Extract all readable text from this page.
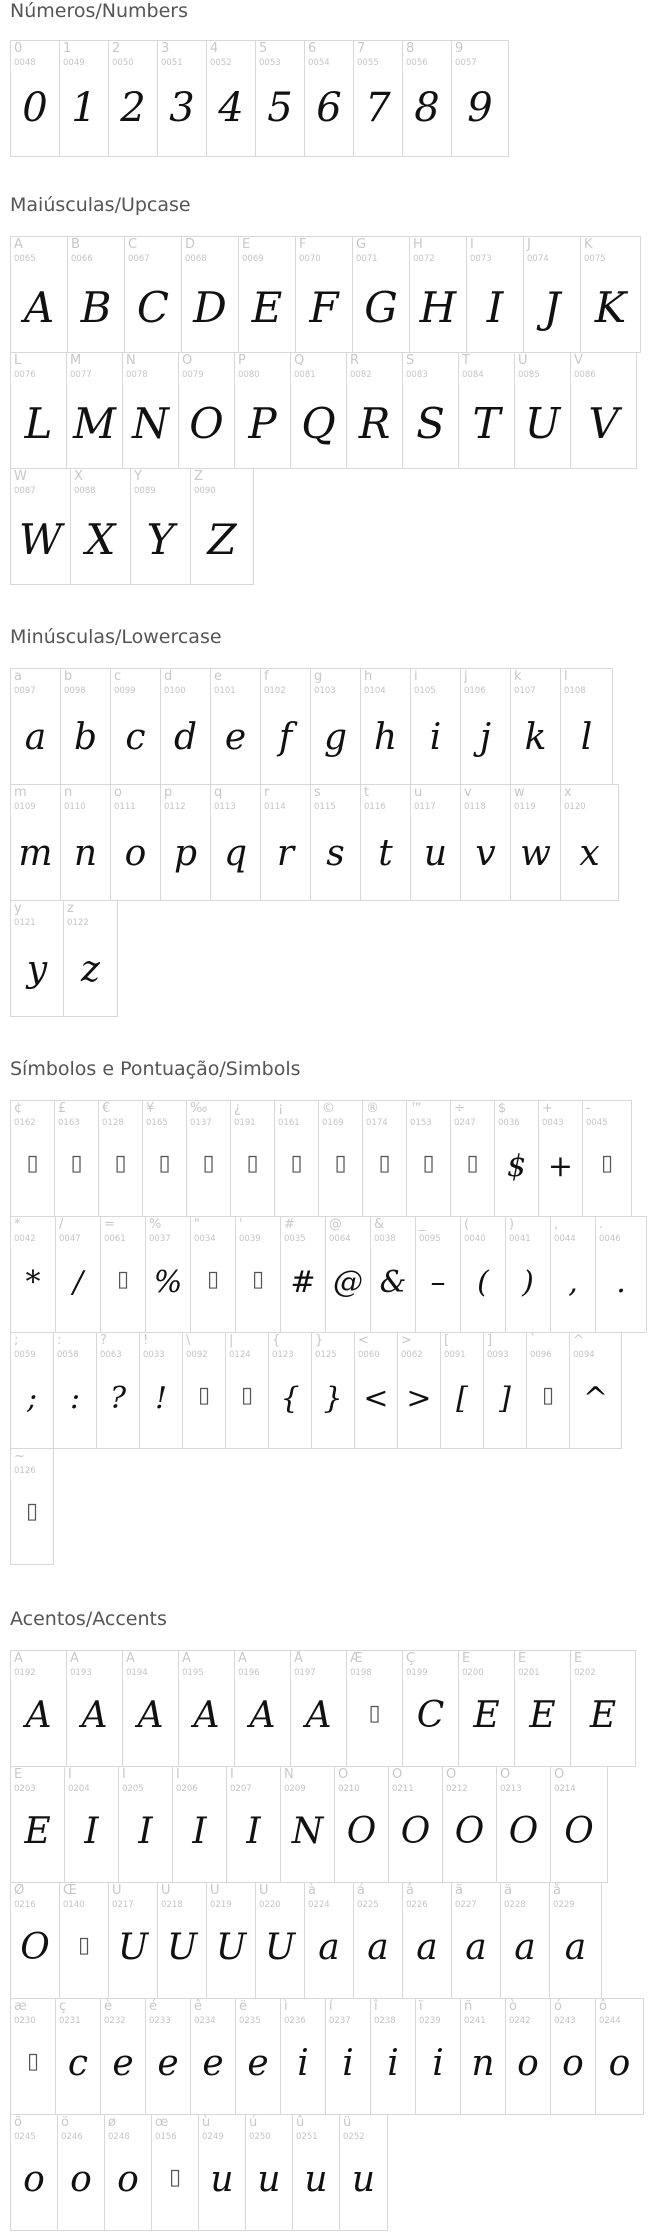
Números/Numbers
0
0048
0
1
0049
1
2
0050
2
3
0051
3
4
0052
4
5
0053
5
6
0054
6
7
0055
7
8
0056
8
9
0057
9
Maiúsculas/Upcase
A
0065
A
B
0066
B
C
0067
C
D
0068
D
E
0069
E
F
0070
F
G
0071
G
H
0072
H
I
0073
I
J
0074
J
K
0075
K
L
0076
L
M
0077
M
N
0078
N
O
0079
O
P
0080
P
Q
0081
Q
R
0082
R
S
0083
S
T
0084
T
U
0085
U
V
0086
V
W
0087
W
X
0088
X
Y
0089
Y
Z
0090
Z
Minúsculas/Lowercase
a
0097
a
b
0098
b
c
0099
c
d
0100
d
e
0101
e
f
0102
f
g
0103
g
h
0104
h
i
0105
i
j
0106
j
k
0107
k
l
0108
l
m
0109
m
n
0110
n
o
0111
o
p
0112
p
q
0113
q
r
0114
r
s
0115
s
t
0116
t
u
0117
u
v
0118
v
w
0119
w
x
0120
x
y
0121
y
z
0122
z
Símbolos e Pontuação/Simbols
¢
0162
▯
£
0163
▯
€
0128
▯
¥
0165
▯
‰
0137
▯
¿
0191
▯
¡
0161
▯
©
0169
▯
®
0174
▯
™
0153
▯
÷
0247
▯
$
0036
$
+
0043
+
-
0045
▯
*
0042
*
/
0047
/
=
0061
▯
%
0037
%
"
0034
▯
'
0039
▯
#
0035
#
@
0064
@
&
0038
&
_
0095
–
(
0040
(
)
0041
)
,
0044
,
.
0046
.
;
0059
;
:
0058
:
?
0063
?
!
0033
!
\
0092
▯
|
0124
▯
{
0123
{
}
0125
}
<
0060
<
>
0062
>
[
0091
[
]
0093
]
`
0096
▯
^
0094
^
~
0126
▯
Acentos/Accents
À
0192
A
Á
0193
A
Â
0194
A
Ã
0195
A
Ä
0196
A
Å
0197
A
Æ
0198
▯
Ç
0199
C
È
0200
E
É
0201
E
Ê
0202
E
Ë
0203
E
Ì
0204
I
Í
0205
I
Î
0206
I
Ï
0207
I
Ñ
0209
N
Ò
0210
O
Ó
0211
O
Ô
0212
O
Õ
0213
O
Ö
0214
O
Ø
0216
O
Œ
0140
▯
Ù
0217
U
Ú
0218
U
Û
0219
U
Ü
0220
U
à
0224
a
á
0225
a
â
0226
a
ã
0227
a
ä
0228
a
å
0229
a
æ
0230
▯
ç
0231
c
è
0232
e
é
0233
e
ê
0234
e
ë
0235
e
ì
0236
i
í
0237
i
î
0238
i
ï
0239
i
ñ
0241
n
ò
0242
o
ó
0243
o
ô
0244
o
õ
0245
o
ö
0246
o
ø
0248
o
œ
0156
▯
ù
0249
u
ú
0250
u
û
0251
u
ü
0252
u
